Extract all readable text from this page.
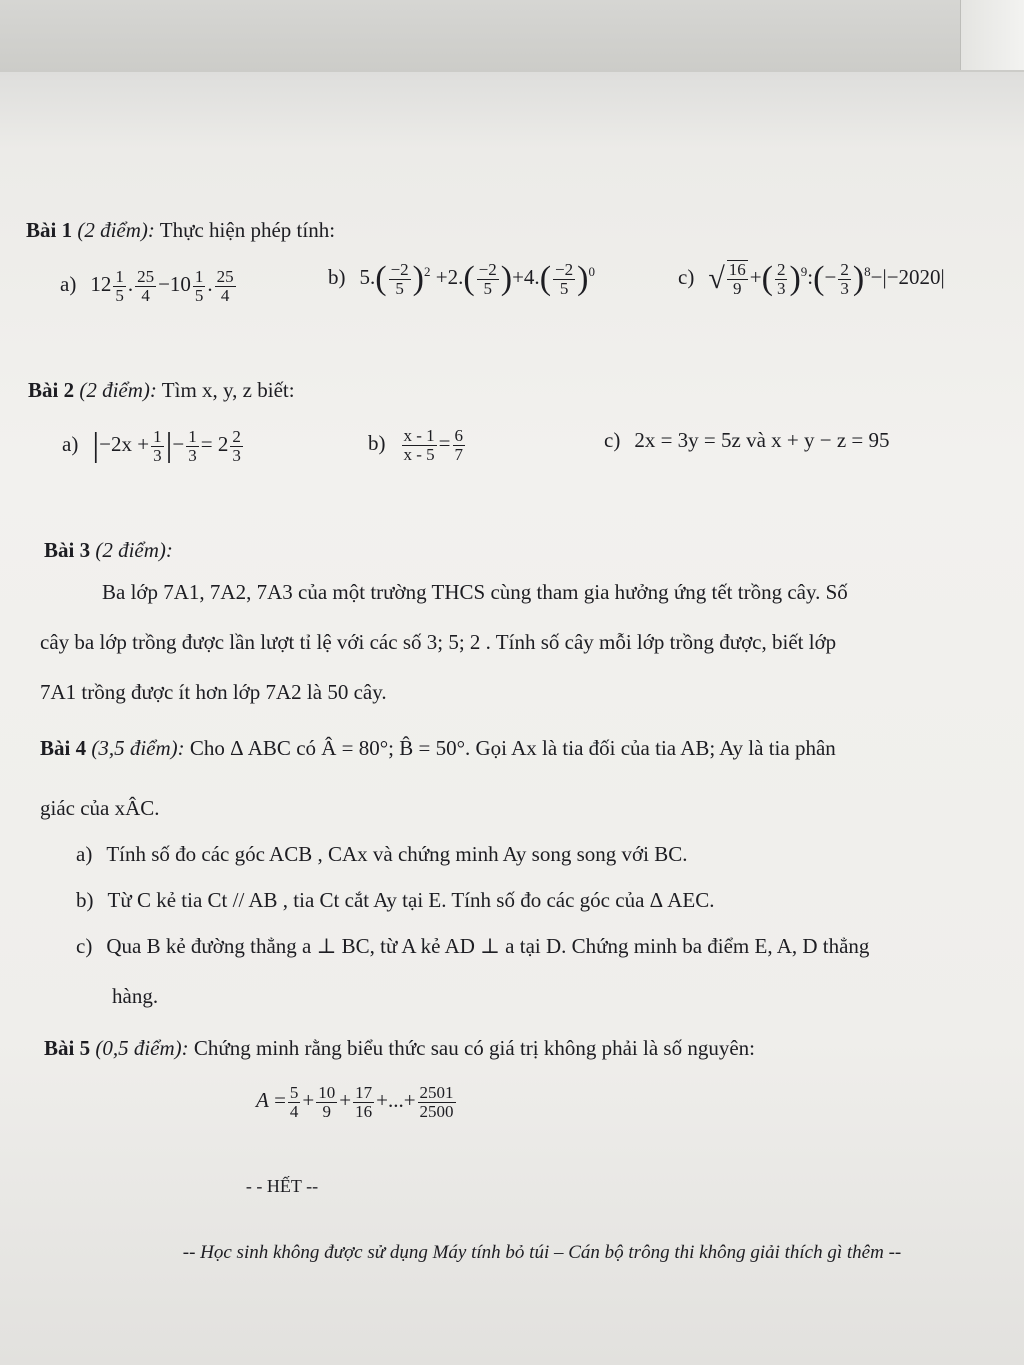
Bài 1 (2 điểm): Thực hiện phép tính:
a) $12 \frac{1}{5}$ . $\frac{25}{4} -10 \frac{1}{5}$ . $\frac{25}{4}$	b) $5.( \frac{-2}{5} )^2 +2.( \frac{-2}{5} )+4.( \frac{-2}{5} )^0$	c) √ $\frac{16}{9}$ +( $\frac{2}{3}$ )$^9$:(− $\frac{2}{3} )^8-|-2020|$
Bài 2 (2 điểm): Tìm x, y, z biết:
a) $|-2x + \frac{1}{3}$ |− $\frac{1}{3} = 2 \frac{2}{3}$	$b) \frac{x - 1}{x - 5} = \frac{6}{7}$	c) 2x = 3y = 5z và x + y − z = 95
Bài 3 (2 điểm):
Ba lớp 7A1, 7A2, 7A3 của một trường THCS cùng tham gia hưởng ứng tết trồng cây. Số
cây ba lớp trồng được lần lượt tỉ lệ với các số 3; 5; 2 . Tính số cây mỗi lớp trồng được, biết lớp
7A1 trồng được ít hơn lớp 7A2 là 50 cây.
Bài 4 (3,5 điểm): Cho Δ ABC có Â = 80°; B̂ = 50°. Gọi Ax là tia đối của tia AB; Ay là tia phân
giác của xÂC.
a) Tính số đo các góc ACB , CAx và chứng minh Ay song song với BC.
b) Từ C kẻ tia Ct // AB , tia Ct cắt Ay tại E. Tính số đo các góc của Δ AEC.
c) Qua B kẻ đường thẳng a ⊥ BC, từ A kẻ AD ⊥ a tại D. Chứng minh ba điểm E, A, D thẳng
hàng.
Bài 5 (0,5 điểm): Chứng minh rằng biểu thức sau có giá trị không phải là số nguyên:
$A = \frac{5}{4} + \frac{10}{9} + \frac{17}{16}$ +...+ $\frac{2501}{2500}$
- - HẾT --
-- Học sinh không được sử dụng Máy tính bỏ túi – Cán bộ trông thi không giải thích gì thêm --
